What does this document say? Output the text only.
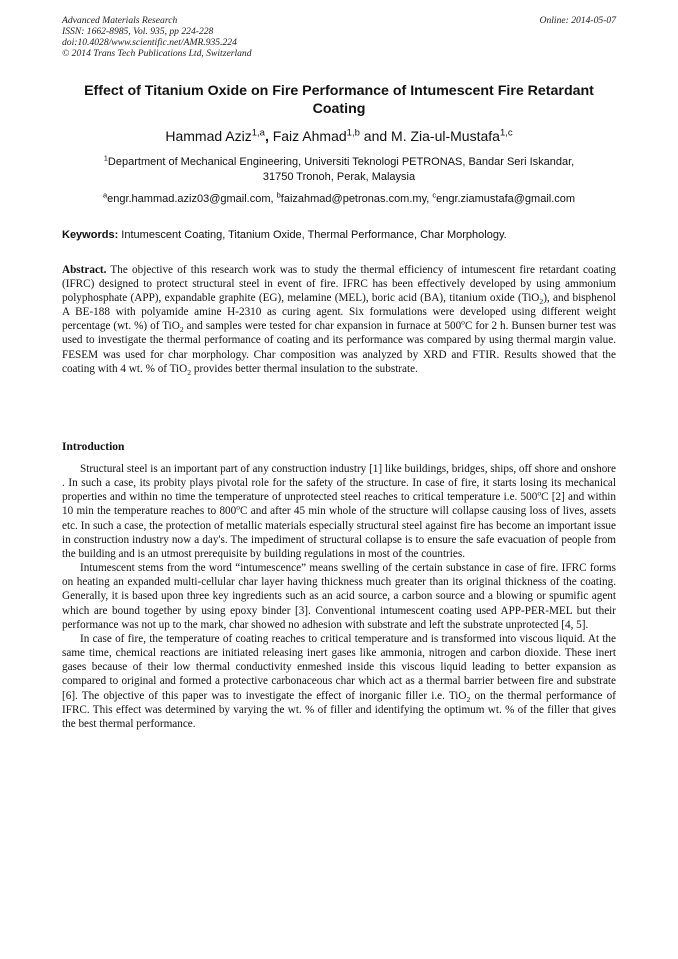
Advanced Materials Research
ISSN: 1662-8985, Vol. 935, pp 224-228
doi:10.4028/www.scientific.net/AMR.935.224
© 2014 Trans Tech Publications Ltd, Switzerland
Online: 2014-05-07
Effect of Titanium Oxide on Fire Performance of Intumescent Fire Retardant Coating
Hammad Aziz$^{1,a}$, Faiz Ahmad$^{1,b}$ and M. Zia-ul-Mustafa$^{1,c}$
$^1$Department of Mechanical Engineering, Universiti Teknologi PETRONAS, Bandar Seri Iskandar,
31750 Tronoh, Perak, Malaysia
$^a$engr.hammad.aziz03@gmail.com, $^b$faizahmad@petronas.com.my, $^c$engr.ziamustafa@gmail.com
Keywords: Intumescent Coating, Titanium Oxide, Thermal Performance, Char Morphology.
Abstract. The objective of this research work was to study the thermal efficiency of intumescent fire retardant coating (IFRC) designed to protect structural steel in event of fire. IFRC has been effectively developed by using ammonium polyphosphate (APP), expandable graphite (EG), melamine (MEL), boric acid (BA), titanium oxide (TiO$_2$), and bisphenol A BE-188 with polyamide amine H-2310 as curing agent. Six formulations were developed using different weight percentage (wt. %) of TiO$_2$ and samples were tested for char expansion in furnace at 500$^o$C for 2 h. Bunsen burner test was used to investigate the thermal performance of coating and its performance was compared by using thermal margin value. FESEM was used for char morphology. Char composition was analyzed by XRD and FTIR. Results showed that the coating with 4 wt. % of TiO$_2$ provides better thermal insulation to the substrate.
Introduction

Structural steel is an important part of any construction industry [1] like buildings, bridges, ships, off shore and onshore . In such a case, its probity plays pivotal role for the safety of the structure. In case of fire, it starts losing its mechanical properties and within no time the temperature of unprotected steel reaches to critical temperature i.e. 500$^o$C [2] and within 10 min the temperature reaches to 800$^o$C and after 45 min whole of the structure will collapse causing loss of lives, assets etc. In such a case, the protection of metallic materials especially structural steel against fire has become an important issue in construction industry now a day's. The impediment of structural collapse is to ensure the safe evacuation of people from the building and is an utmost prerequisite by building regulations in most of the countries.

Intumescent stems from the word “intumescence” means swelling of the certain substance in case of fire. IFRC forms on heating an expanded multi-cellular char layer having thickness much greater than its original thickness of the coating. Generally, it is based upon three key ingredients such as an acid source, a carbon source and a blowing or spumific agent which are bound together by using epoxy binder [3]. Conventional intumescent coating used APP-PER-MEL but their performance was not up to the mark, char showed no adhesion with substrate and left the substrate unprotected [4, 5].

In case of fire, the temperature of coating reaches to critical temperature and is transformed into viscous liquid. At the same time, chemical reactions are initiated releasing inert gases like ammonia, nitrogen and carbon dioxide. These inert gases because of their low thermal conductivity enmeshed inside this viscous liquid leading to better expansion as compared to original and formed a protective carbonaceous char which act as a thermal barrier between fire and substrate [6]. The objective of this paper was to investigate the effect of inorganic filler i.e. TiO$_2$ on the thermal performance of IFRC. This effect was determined by varying the wt. % of filler and identifying the optimum wt. % of the filler that gives the best thermal performance.
